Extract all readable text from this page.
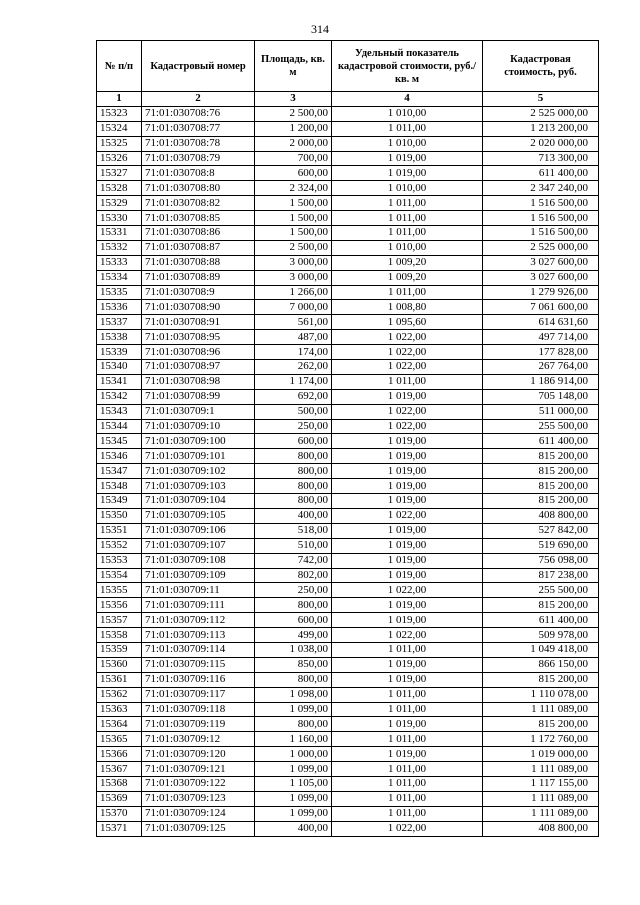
314
№ п/п	Кадастровый номер	Площадь, кв. м	Удельный показатель кадастровой стоимости, руб./кв. м	Кадастровая стоимость, руб.
1	2	3	4	5
15323	71:01:030708:76	2 500,00	1 010,00	2 525 000,00
15324	71:01:030708:77	1 200,00	1 011,00	1 213 200,00
15325	71:01:030708:78	2 000,00	1 010,00	2 020 000,00
15326	71:01:030708:79	700,00	1 019,00	713 300,00
15327	71:01:030708:8	600,00	1 019,00	611 400,00
15328	71:01:030708:80	2 324,00	1 010,00	2 347 240,00
15329	71:01:030708:82	1 500,00	1 011,00	1 516 500,00
15330	71:01:030708:85	1 500,00	1 011,00	1 516 500,00
15331	71:01:030708:86	1 500,00	1 011,00	1 516 500,00
15332	71:01:030708:87	2 500,00	1 010,00	2 525 000,00
15333	71:01:030708:88	3 000,00	1 009,20	3 027 600,00
15334	71:01:030708:89	3 000,00	1 009,20	3 027 600,00
15335	71:01:030708:9	1 266,00	1 011,00	1 279 926,00
15336	71:01:030708:90	7 000,00	1 008,80	7 061 600,00
15337	71:01:030708:91	561,00	1 095,60	614 631,60
15338	71:01:030708:95	487,00	1 022,00	497 714,00
15339	71:01:030708:96	174,00	1 022,00	177 828,00
15340	71:01:030708:97	262,00	1 022,00	267 764,00
15341	71:01:030708:98	1 174,00	1 011,00	1 186 914,00
15342	71:01:030708:99	692,00	1 019,00	705 148,00
15343	71:01:030709:1	500,00	1 022,00	511 000,00
15344	71:01:030709:10	250,00	1 022,00	255 500,00
15345	71:01:030709:100	600,00	1 019,00	611 400,00
15346	71:01:030709:101	800,00	1 019,00	815 200,00
15347	71:01:030709:102	800,00	1 019,00	815 200,00
15348	71:01:030709:103	800,00	1 019,00	815 200,00
15349	71:01:030709:104	800,00	1 019,00	815 200,00
15350	71:01:030709:105	400,00	1 022,00	408 800,00
15351	71:01:030709:106	518,00	1 019,00	527 842,00
15352	71:01:030709:107	510,00	1 019,00	519 690,00
15353	71:01:030709:108	742,00	1 019,00	756 098,00
15354	71:01:030709:109	802,00	1 019,00	817 238,00
15355	71:01:030709:11	250,00	1 022,00	255 500,00
15356	71:01:030709:111	800,00	1 019,00	815 200,00
15357	71:01:030709:112	600,00	1 019,00	611 400,00
15358	71:01:030709:113	499,00	1 022,00	509 978,00
15359	71:01:030709:114	1 038,00	1 011,00	1 049 418,00
15360	71:01:030709:115	850,00	1 019,00	866 150,00
15361	71:01:030709:116	800,00	1 019,00	815 200,00
15362	71:01:030709:117	1 098,00	1 011,00	1 110 078,00
15363	71:01:030709:118	1 099,00	1 011,00	1 111 089,00
15364	71:01:030709:119	800,00	1 019,00	815 200,00
15365	71:01:030709:12	1 160,00	1 011,00	1 172 760,00
15366	71:01:030709:120	1 000,00	1 019,00	1 019 000,00
15367	71:01:030709:121	1 099,00	1 011,00	1 111 089,00
15368	71:01:030709:122	1 105,00	1 011,00	1 117 155,00
15369	71:01:030709:123	1 099,00	1 011,00	1 111 089,00
15370	71:01:030709:124	1 099,00	1 011,00	1 111 089,00
15371	71:01:030709:125	400,00	1 022,00	408 800,00
